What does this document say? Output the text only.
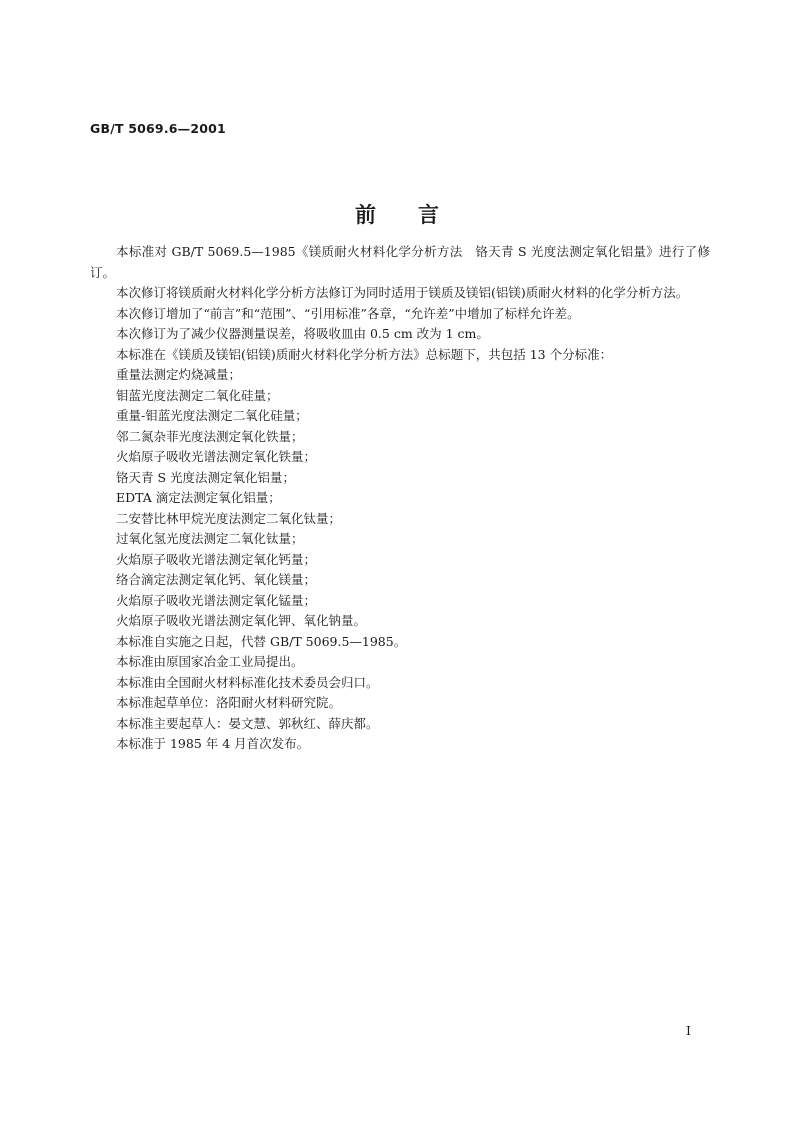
GB/T 5069.6—2001
前言

本标准对 GB/T 5069.5—1985《镁质耐火材料化学分析方法　铬天青 S 光度法测定氧化铝量》进行了修订。

本次修订将镁质耐火材料化学分析方法修订为同时适用于镁质及镁铝(铝镁)质耐火材料的化学分析方法。

本次修订增加了“前言”和“范围”、“引用标准”各章，“允许差”中增加了标样允许差。

本次修订为了减少仪器测量误差，将吸收皿由 0.5 cm 改为 1 cm。

本标准在《镁质及镁铝(铝镁)质耐火材料化学分析方法》总标题下，共包括 13 个分标准：

重量法测定灼烧减量；

钼蓝光度法测定二氧化硅量；

重量-钼蓝光度法测定二氧化硅量；

邻二氮杂菲光度法测定氧化铁量；

火焰原子吸收光谱法测定氧化铁量；

铬天青 S 光度法测定氧化铝量；

EDTA 滴定法测定氧化铝量；

二安替比林甲烷光度法测定二氧化钛量；

过氧化氢光度法测定二氧化钛量；

火焰原子吸收光谱法测定氧化钙量；

络合滴定法测定氧化钙、氧化镁量；

火焰原子吸收光谱法测定氧化锰量；

火焰原子吸收光谱法测定氧化钾、氧化钠量。

本标准自实施之日起，代替 GB/T 5069.5—1985。

本标准由原国家冶金工业局提出。

本标准由全国耐火材料标准化技术委员会归口。

本标准起草单位：洛阳耐火材料研究院。

本标准主要起草人：晏文慧、郭秋红、薛庆都。

本标准于 1985 年 4 月首次发布。

I
